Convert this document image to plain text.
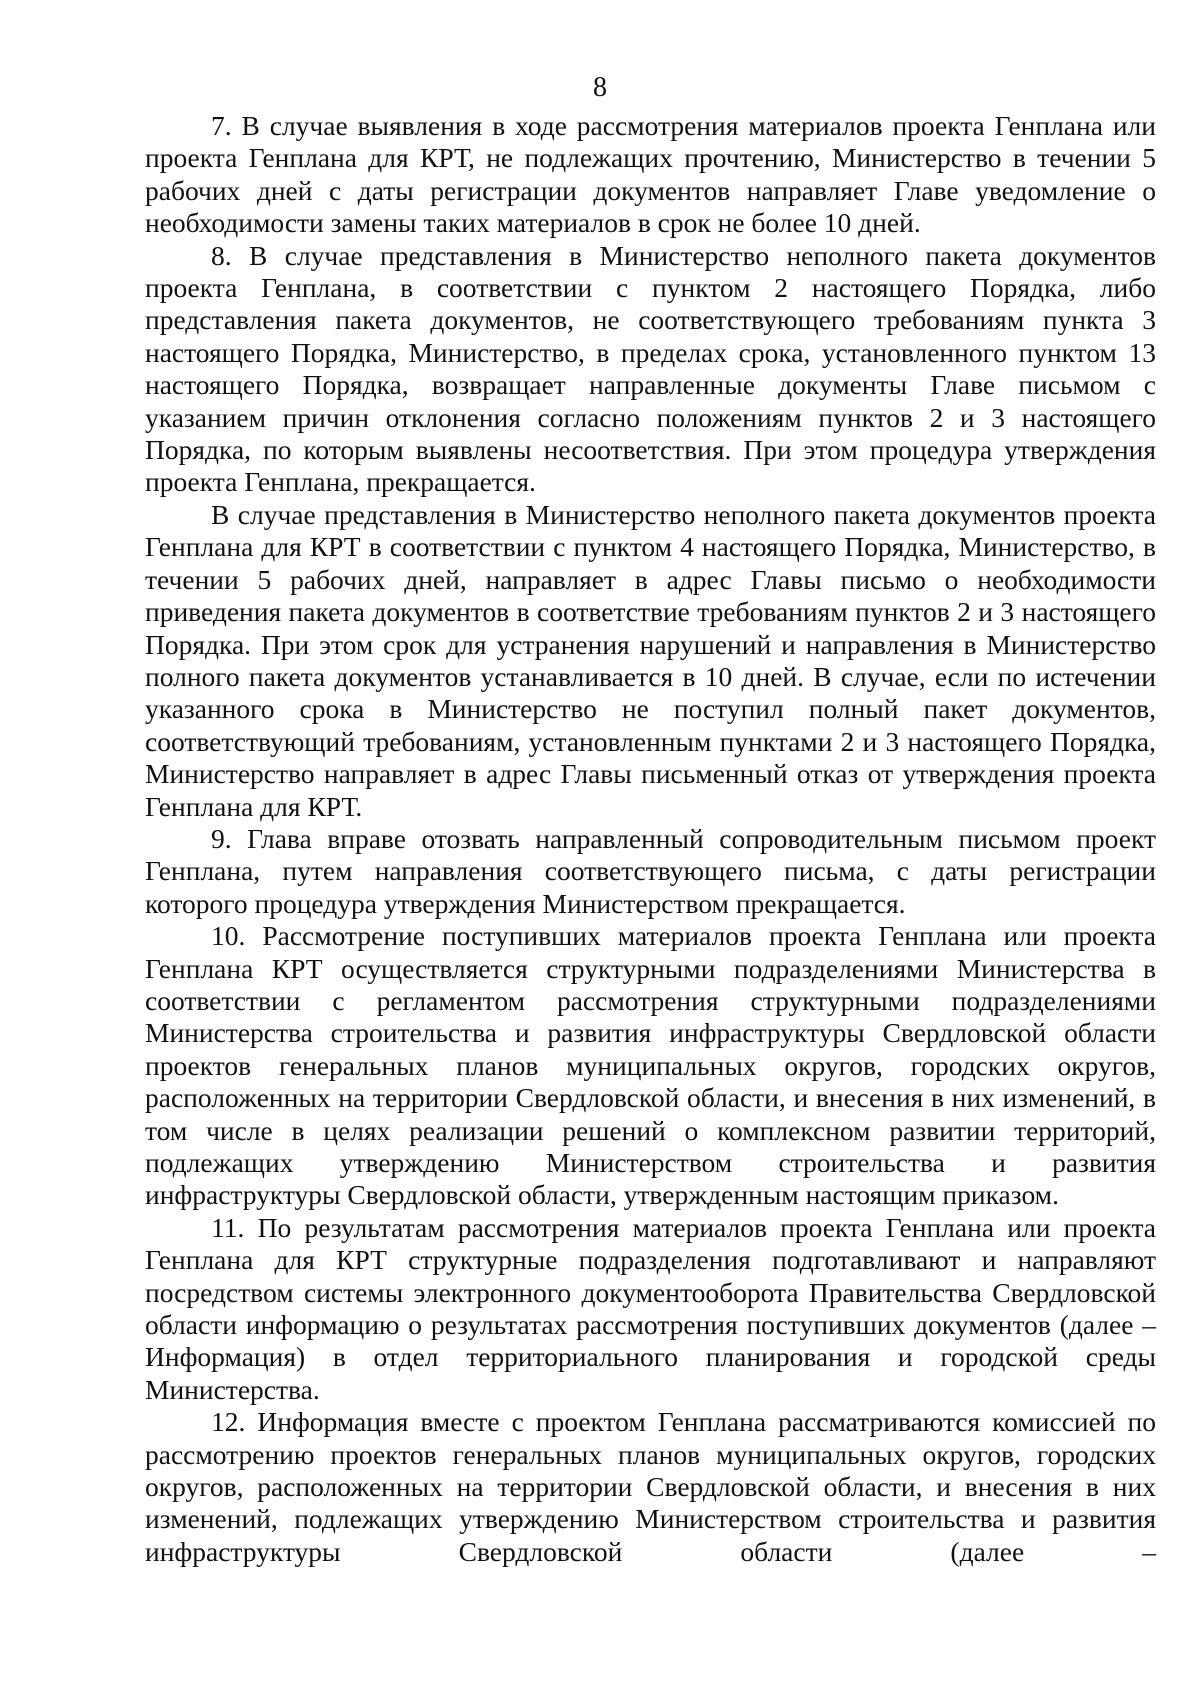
8

7. В случае выявления в ходе рассмотрения материалов проекта Генплана или проекта Генплана для КРТ, не подлежащих прочтению, Министерство в течении 5 рабочих дней с даты регистрации документов направляет Главе уведомление о необходимости замены таких материалов в срок не более 10 дней.

8. В случае представления в Министерство неполного пакета документов проекта Генплана, в соответствии с пунктом 2 настоящего Порядка, либо представления пакета документов, не соответствующего требованиям пункта 3 настоящего Порядка, Министерство, в пределах срока, установленного пунктом 13 настоящего Порядка, возвращает направленные документы Главе письмом с указанием причин отклонения согласно положениям пунктов 2 и 3 настоящего Порядка, по которым выявлены несоответствия. При этом процедура утверждения проекта Генплана, прекращается.

В случае представления в Министерство неполного пакета документов проекта Генплана для КРТ в соответствии с пунктом 4 настоящего Порядка, Министерство, в течении 5 рабочих дней, направляет в адрес Главы письмо о необходимости приведения пакета документов в соответствие требованиям пунктов 2 и 3 настоящего Порядка. При этом срок для устранения нарушений и направления в Министерство полного пакета документов устанавливается в 10 дней. В случае, если по истечении указанного срока в Министерство не поступил полный пакет документов, соответствующий требованиям, установленным пунктами 2 и 3 настоящего Порядка, Министерство направляет в адрес Главы письменный отказ от утверждения проекта Генплана для КРТ.

9. Глава вправе отозвать направленный сопроводительным письмом проект Генплана, путем направления соответствующего письма, с даты регистрации которого процедура утверждения Министерством прекращается.

10. Рассмотрение поступивших материалов проекта Генплана или проекта Генплана КРТ осуществляется структурными подразделениями Министерства в соответствии с регламентом рассмотрения структурными подразделениями Министерства строительства и развития инфраструктуры Свердловской области проектов генеральных планов муниципальных округов, городских округов, расположенных на территории Свердловской области, и внесения в них изменений, в том числе в целях реализации решений о комплексном развитии территорий, подлежащих утверждению Министерством строительства и развития инфраструктуры Свердловской области, утвержденным настоящим приказом.

11. По результатам рассмотрения материалов проекта Генплана или проекта Генплана для КРТ структурные подразделения подготавливают и направляют посредством системы электронного документооборота Правительства Свердловской области информацию о результатах рассмотрения поступивших документов (далее – Информация) в отдел территориального планирования и городской среды Министерства.

12. Информация вместе с проектом Генплана рассматриваются комиссией по рассмотрению проектов генеральных планов муниципальных округов, городских округов, расположенных на территории Свердловской области, и внесения в них изменений, подлежащих утверждению Министерством строительства и развития инфраструктуры Свердловской области (далее –
